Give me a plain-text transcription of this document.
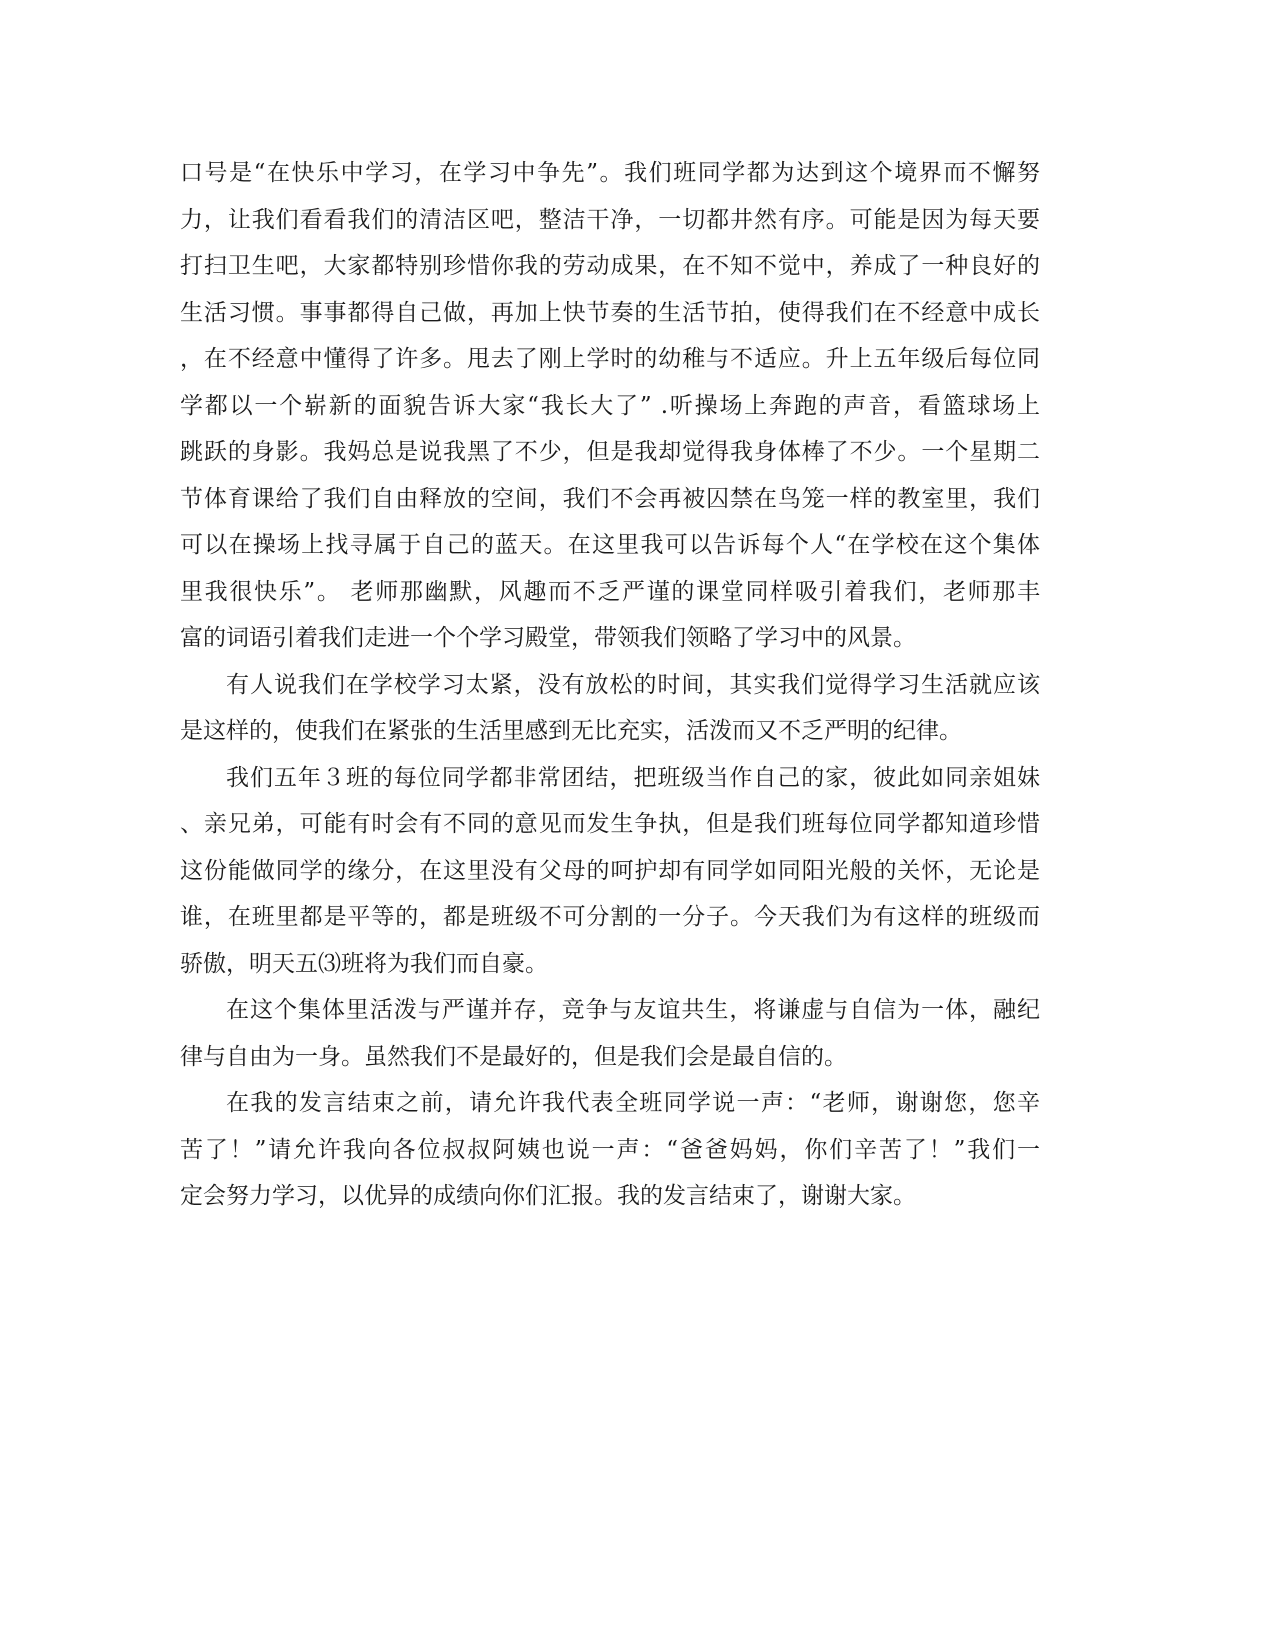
口号是“在快乐中学习，在学习中争先”。我们班同学都为达到这个境界而不懈努
力，让我们看看我们的清洁区吧，整洁干净，一切都井然有序。可能是因为每天要
打扫卫生吧，大家都特别珍惜你我的劳动成果，在不知不觉中，养成了一种良好的
生活习惯。事事都得自己做，再加上快节奏的生活节拍，使得我们在不经意中成长
，在不经意中懂得了许多。甩去了刚上学时的幼稚与不适应。升上五年级后每位同
学都以一个崭新的面貌告诉大家“我长大了” .听操场上奔跑的声音，看篮球场上
跳跃的身影。我妈总是说我黑了不少，但是我却觉得我身体棒了不少。一个星期二
节体育课给了我们自由释放的空间，我们不会再被囚禁在鸟笼一样的教室里，我们
可以在操场上找寻属于自己的蓝天。在这里我可以告诉每个人“在学校在这个集体
里我很快乐”。 老师那幽默，风趣而不乏严谨的课堂同样吸引着我们，老师那丰
富的词语引着我们走进一个个学习殿堂，带领我们领略了学习中的风景。
有人说我们在学校学习太紧，没有放松的时间，其实我们觉得学习生活就应该
是这样的，使我们在紧张的生活里感到无比充实，活泼而又不乏严明的纪律。
我们五年３班的每位同学都非常团结，把班级当作自己的家，彼此如同亲姐妹
、亲兄弟，可能有时会有不同的意见而发生争执，但是我们班每位同学都知道珍惜
这份能做同学的缘分，在这里没有父母的呵护却有同学如同阳光般的关怀，无论是
谁，在班里都是平等的，都是班级不可分割的一分子。今天我们为有这样的班级而
骄傲，明天五⑶班将为我们而自豪。
在这个集体里活泼与严谨并存，竞争与友谊共生，将谦虚与自信为一体，融纪
律与自由为一身。虽然我们不是最好的，但是我们会是最自信的。
在我的发言结束之前，请允许我代表全班同学说一声：“老师，谢谢您，您辛
苦了！”请允许我向各位叔叔阿姨也说一声：“爸爸妈妈，你们辛苦了！”我们一
定会努力学习，以优异的成绩向你们汇报。我的发言结束了，谢谢大家。
